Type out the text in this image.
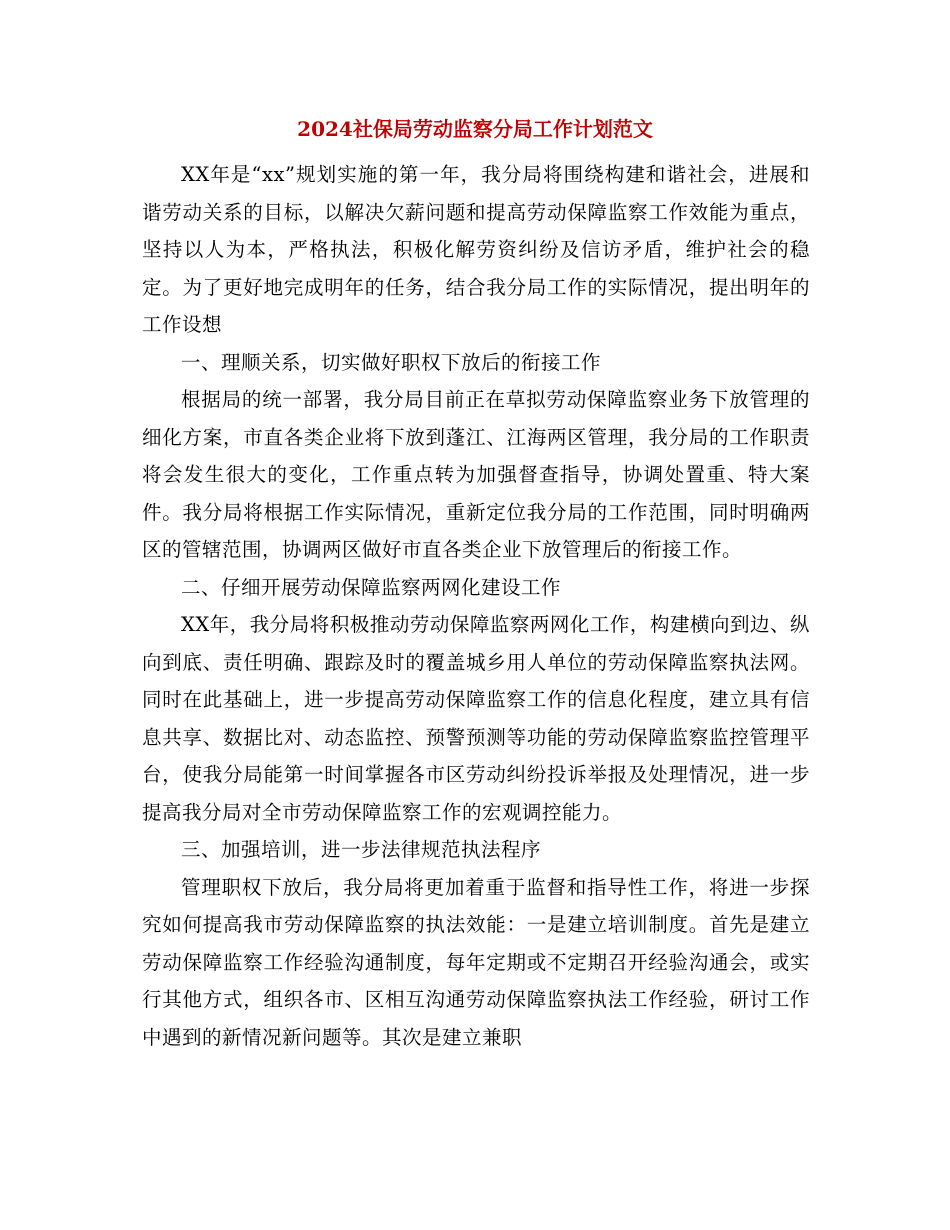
2024社保局劳动监察分局工作计划范文

XX年是“xx”规划实施的第一年，我分局将围绕构建和谐社会，进展和谐劳动关系的目标，以解决欠薪问题和提高劳动保障监察工作效能为重点，坚持以人为本，严格执法，积极化解劳资纠纷及信访矛盾，维护社会的稳定。为了更好地完成明年的任务，结合我分局工作的实际情况，提出明年的工作设想

一、理顺关系，切实做好职权下放后的衔接工作

根据局的统一部署，我分局目前正在草拟劳动保障监察业务下放管理的细化方案，市直各类企业将下放到蓬江、江海两区管理，我分局的工作职责将会发生很大的变化，工作重点转为加强督查指导，协调处置重、特大案件。我分局将根据工作实际情况，重新定位我分局的工作范围，同时明确两区的管辖范围，协调两区做好市直各类企业下放管理后的衔接工作。

二、仔细开展劳动保障监察两网化建设工作

XX年，我分局将积极推动劳动保障监察两网化工作，构建横向到边、纵向到底、责任明确、跟踪及时的覆盖城乡用人单位的劳动保障监察执法网。同时在此基础上，进一步提高劳动保障监察工作的信息化程度，建立具有信息共享、数据比对、动态监控、预警预测等功能的劳动保障监察监控管理平台，使我分局能第一时间掌握各市区劳动纠纷投诉举报及处理情况，进一步提高我分局对全市劳动保障监察工作的宏观调控能力。

三、加强培训，进一步法律规范执法程序

管理职权下放后，我分局将更加着重于监督和指导性工作，将进一步探究如何提高我市劳动保障监察的执法效能：一是建立培训制度。首先是建立劳动保障监察工作经验沟通制度，每年定期或不定期召开经验沟通会，或实行其他方式，组织各市、区相互沟通劳动保障监察执法工作经验，研讨工作中遇到的新情况新问题等。其次是建立兼职
